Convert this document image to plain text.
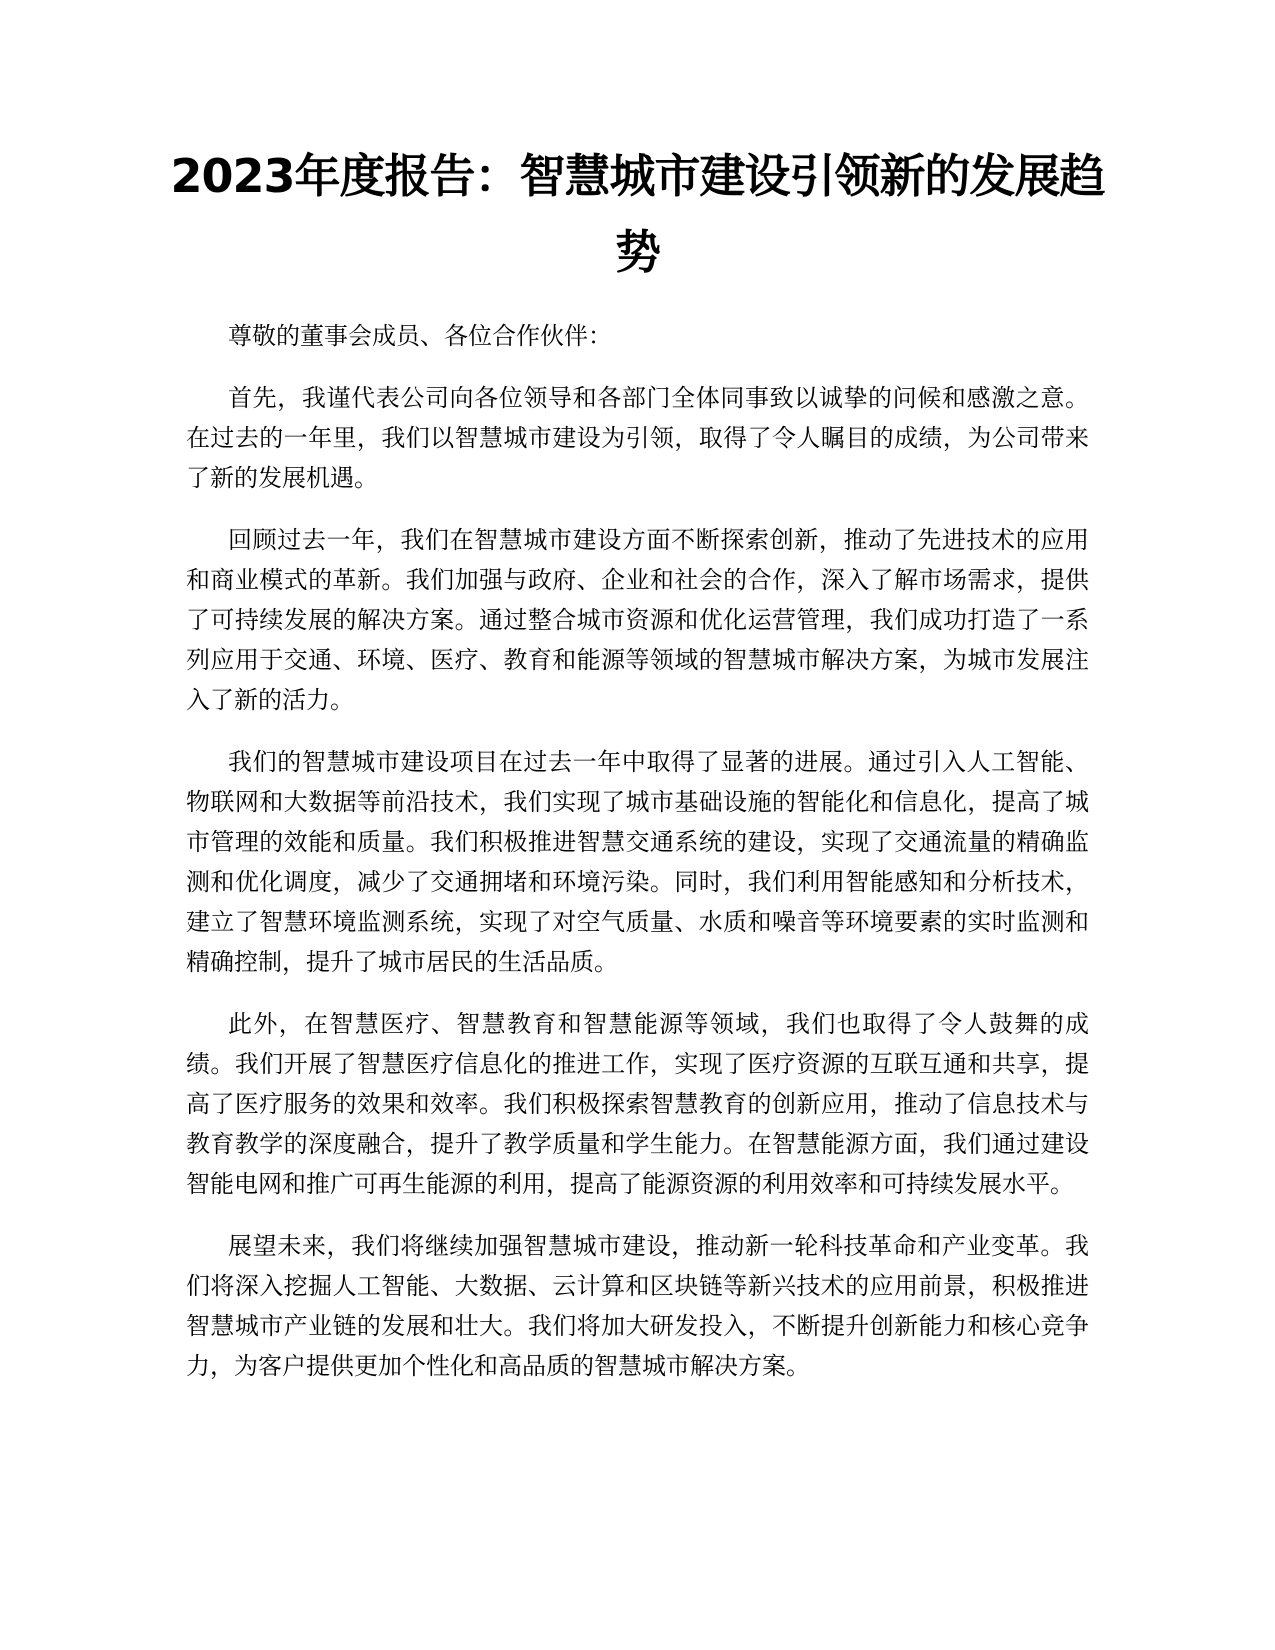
2023年度报告：智慧城市建设引领新的发展趋势

尊敬的董事会成员、各位合作伙伴：

首先，我谨代表公司向各位领导和各部门全体同事致以诚挚的问候和感激之意。在过去的一年里，我们以智慧城市建设为引领，取得了令人瞩目的成绩，为公司带来了新的发展机遇。

回顾过去一年，我们在智慧城市建设方面不断探索创新，推动了先进技术的应用和商业模式的革新。我们加强与政府、企业和社会的合作，深入了解市场需求，提供了可持续发展的解决方案。通过整合城市资源和优化运营管理，我们成功打造了一系列应用于交通、环境、医疗、教育和能源等领域的智慧城市解决方案，为城市发展注入了新的活力。

我们的智慧城市建设项目在过去一年中取得了显著的进展。通过引入人工智能、物联网和大数据等前沿技术，我们实现了城市基础设施的智能化和信息化，提高了城市管理的效能和质量。我们积极推进智慧交通系统的建设，实现了交通流量的精确监测和优化调度，减少了交通拥堵和环境污染。同时，我们利用智能感知和分析技术，建立了智慧环境监测系统，实现了对空气质量、水质和噪音等环境要素的实时监测和精确控制，提升了城市居民的生活品质。

此外，在智慧医疗、智慧教育和智慧能源等领域，我们也取得了令人鼓舞的成绩。我们开展了智慧医疗信息化的推进工作，实现了医疗资源的互联互通和共享，提高了医疗服务的效果和效率。我们积极探索智慧教育的创新应用，推动了信息技术与教育教学的深度融合，提升了教学质量和学生能力。在智慧能源方面，我们通过建设智能电网和推广可再生能源的利用，提高了能源资源的利用效率和可持续发展水平。

展望未来，我们将继续加强智慧城市建设，推动新一轮科技革命和产业变革。我们将深入挖掘人工智能、大数据、云计算和区块链等新兴技术的应用前景，积极推进智慧城市产业链的发展和壮大。我们将加大研发投入，不断提升创新能力和核心竞争力，为客户提供更加个性化和高品质的智慧城市解决方案。
